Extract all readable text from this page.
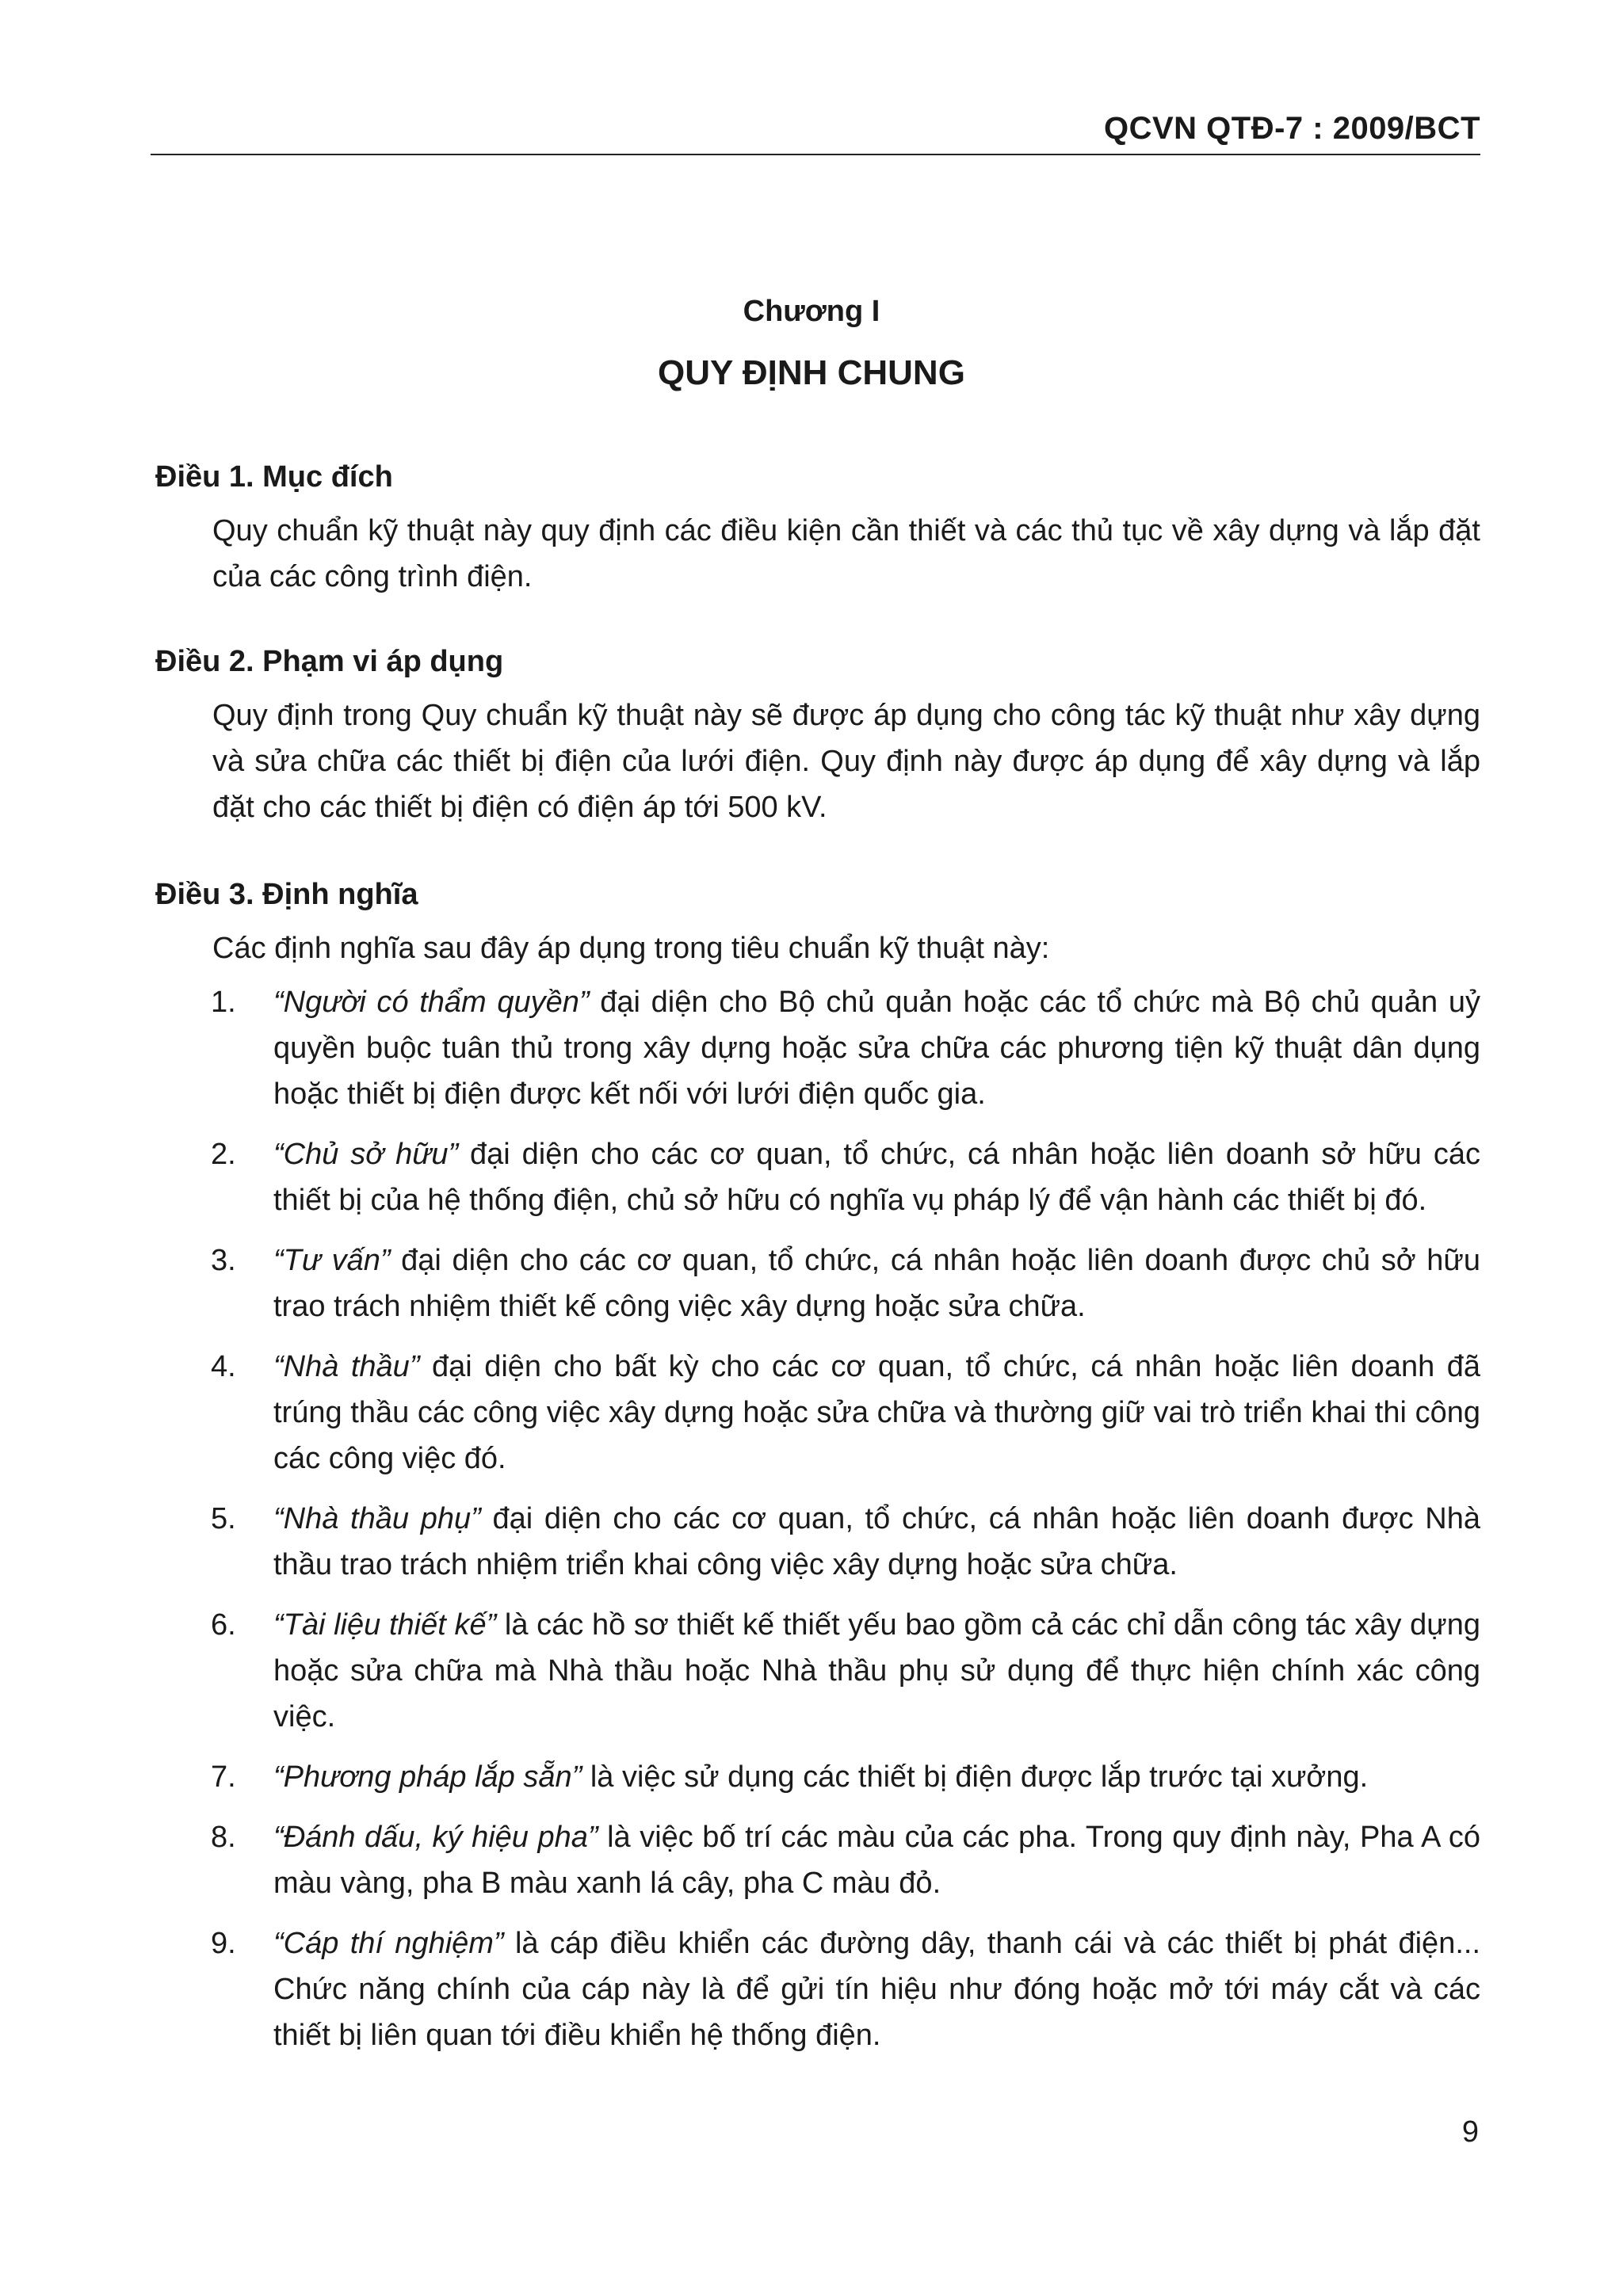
QCVN QTĐ-7 : 2009/BCT
Chương I
QUY ĐỊNH CHUNG

Điều 1. Mục đích

Quy chuẩn kỹ thuật này quy định các điều kiện cần thiết và các thủ tục về xây dựng và lắp đặt của các công trình điện.

Điều 2. Phạm vi áp dụng

Quy định trong Quy chuẩn kỹ thuật này sẽ được áp dụng cho công tác kỹ thuật như xây dựng và sửa chữa các thiết bị điện của lưới điện. Quy định này được áp dụng để xây dựng và lắp đặt cho các thiết bị điện có điện áp tới 500 kV.

Điều 3. Định nghĩa

Các định nghĩa sau đây áp dụng trong tiêu chuẩn kỹ thuật này:

1. “Người có thẩm quyền” đại diện cho Bộ chủ quản hoặc các tổ chức mà Bộ chủ quản uỷ quyền buộc tuân thủ trong xây dựng hoặc sửa chữa các phương tiện kỹ thuật dân dụng hoặc thiết bị điện được kết nối với lưới điện quốc gia.
2. “Chủ sở hữu” đại diện cho các cơ quan, tổ chức, cá nhân hoặc liên doanh sở hữu các thiết bị của hệ thống điện, chủ sở hữu có nghĩa vụ pháp lý để vận hành các thiết bị đó.
3. “Tư vấn” đại diện cho các cơ quan, tổ chức, cá nhân hoặc liên doanh được chủ sở hữu trao trách nhiệm thiết kế công việc xây dựng hoặc sửa chữa.
4. “Nhà thầu” đại diện cho bất kỳ cho các cơ quan, tổ chức, cá nhân hoặc liên doanh đã trúng thầu các công việc xây dựng hoặc sửa chữa và thường giữ vai trò triển khai thi công các công việc đó.
5. “Nhà thầu phụ” đại diện cho các cơ quan, tổ chức, cá nhân hoặc liên doanh được Nhà thầu trao trách nhiệm triển khai công việc xây dựng hoặc sửa chữa.
6. “Tài liệu thiết kế” là các hồ sơ thiết kế thiết yếu bao gồm cả các chỉ dẫn công tác xây dựng hoặc sửa chữa mà Nhà thầu hoặc Nhà thầu phụ sử dụng để thực hiện chính xác công việc.
7. “Phương pháp lắp sẵn” là việc sử dụng các thiết bị điện được lắp trước tại xưởng.
8. “Đánh dấu, ký hiệu pha” là việc bố trí các màu của các pha. Trong quy định này, Pha A có màu vàng, pha B màu xanh lá cây, pha C màu đỏ.
9. “Cáp thí nghiệm” là cáp điều khiển các đường dây, thanh cái và các thiết bị phát điện... Chức năng chính của cáp này là để gửi tín hiệu như đóng hoặc mở tới máy cắt và các thiết bị liên quan tới điều khiển hệ thống điện.
9
